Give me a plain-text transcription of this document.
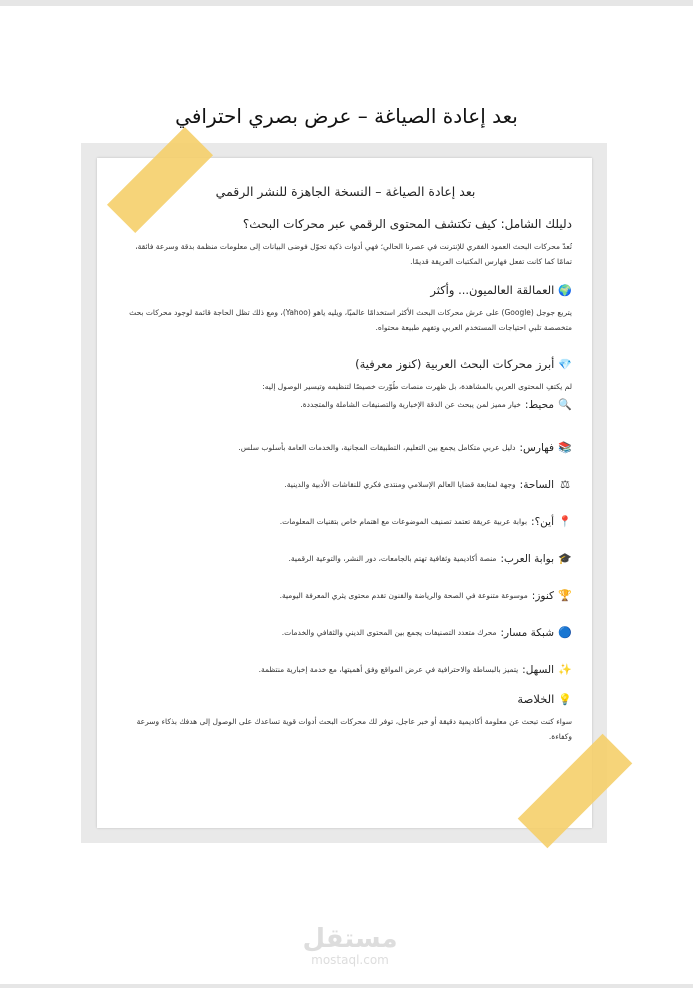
بعد إعادة الصياغة – عرض بصري احترافي
بعد إعادة الصياغة – النسخة الجاهزة للنشر الرقمي
دليلك الشامل: كيف تكتشف المحتوى الرقمي عبر محركات البحث؟

تُعدّ محركات البحث العمود الفقري للإنترنت في عصرنا الحالي؛ فهي أدوات ذكية تحوّل فوضى البيانات إلى معلومات منظمة بدقة وسرعة فائقة، تمامًا كما كانت تفعل فهارس المكتبات العريقة قديمًا.

🌍 العمالقة العالميون... وأكثر

يتربع جوجل (Google) على عرش محركات البحث الأكثر استخدامًا عالميًا، ويليه ياهو (Yahoo)، ومع ذلك تظل الحاجة قائمة لوجود محركات بحث متخصصة تلبي احتياجات المستخدم العربي وتفهم طبيعة محتواه.

💎 أبرز محركات البحث العربية (كنوز معرفية)

لم يكتفِ المحتوى العربي بالمشاهدة، بل ظهرت منصات طُوّرت خصيصًا لتنظيمه وتيسير الوصول إليه:

🔍
محيط:
خيار مميز لمن يبحث عن الدقة الإخبارية والتصنيفات الشاملة والمتجددة.
📚
فهارس:
دليل عربي متكامل يجمع بين التعليم، التطبيقات المجانية، والخدمات العامة بأسلوب سلس.
⚖
الساحة:
وجهة لمتابعة قضايا العالم الإسلامي ومنتدى فكري للنقاشات الأدبية والدينية.
📍
أين؟:
بوابة عربية عريقة تعتمد تصنيف الموضوعات مع اهتمام خاص بتقنيات المعلومات.
🎓
بوابة العرب:
منصة أكاديمية وثقافية تهتم بالجامعات، دور النشر، والتوعية الرقمية.
🏆
كنوز:
موسوعة متنوعة في الصحة والرياضة والفنون تقدم محتوى يثري المعرفة اليومية.
🔵
شبكة مسار:
محرك متعدد التصنيفات يجمع بين المحتوى الديني والثقافي والخدمات.
✨
السهل:
يتميز بالبساطة والاحترافية في عرض المواقع وفق أهميتها، مع خدمة إخبارية منتظمة.
💡 الخلاصة

سواء كنت تبحث عن معلومة أكاديمية دقيقة أو خبر عاجل، توفر لك محركات البحث أدوات قوية تساعدك على الوصول إلى هدفك بذكاء وسرعة وكفاءة.

مستقل
mostaql.com
